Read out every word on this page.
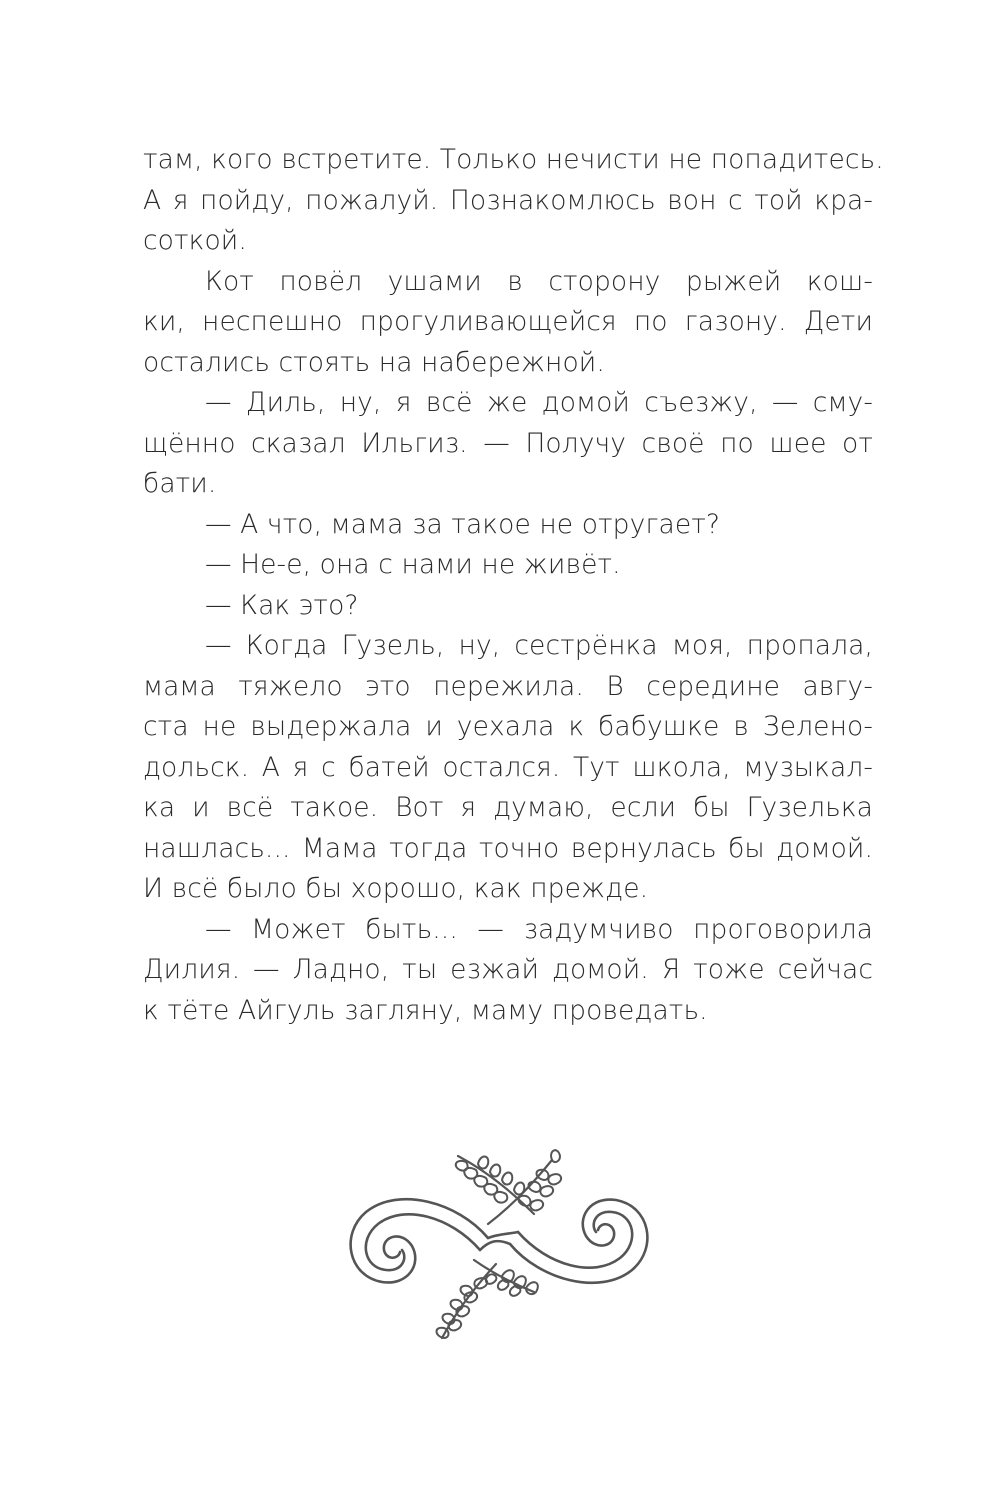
там, кого встретите. Только нечисти не попадитесь.
А я пойду, пожалуй. Познакомлюсь вон с той кра-
соткой.
Кот повёл ушами в сторону рыжей кош-
ки, неспешно прогуливающейся по газону. Дети
остались стоять на набережной.
— Диль, ну, я всё же домой съезжу, — сму-
щённо сказал Ильгиз. — Получу своё по шее от
бати.
— А что, мама за такое не отругает?
— Не-е, она с нами не живёт.
— Как это?
— Когда Гузель, ну, сестрёнка моя, пропала,
мама тяжело это пережила. В середине авгу-
ста не выдержала и уехала к бабушке в Зелено-
дольск. А я с батей остался. Тут школа, музыкал-
ка и всё такое. Вот я думаю, если бы Гузелька
нашлась... Мама тогда точно вернулась бы домой.
И всё было бы хорошо, как прежде.
— Может быть... — задумчиво проговорила
Дилия. — Ладно, ты езжай домой. Я тоже сейчас
к тёте Айгуль загляну, маму проведать.
